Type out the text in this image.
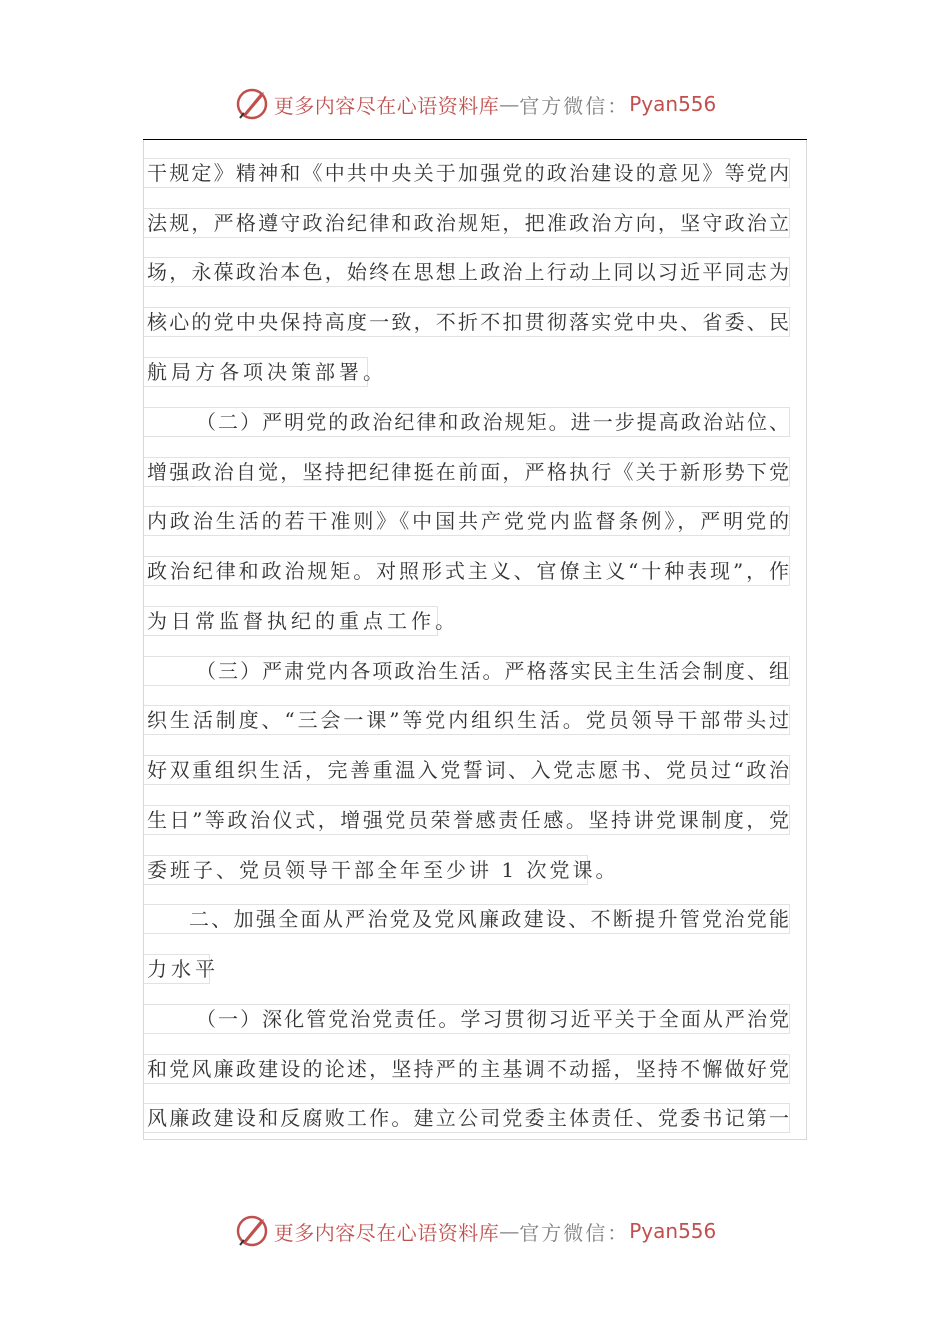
更多内容尽在心语资料库 — 官方微信： Pyan556
干规定》精神和《中共中央关于加强党的政治建设的意见》等党内
法规，严格遵守政治纪律和政治规矩，把准政治方向，坚守政治立
场，永葆政治本色，始终在思想上政治上行动上同以习近平同志为
核心的党中央保持高度一致，不折不扣贯彻落实党中央、省委、民
航局方各项决策部署。
（二）严明党的政治纪律和政治规矩。进一步提高政治站位、
增强政治自觉，坚持把纪律挺在前面，严格执行《关于新形势下党
内政治生活的若干准则》《中国共产党党内监督条例》，严明党的
政治纪律和政治规矩。对照形式主义、官僚主义“十种表现”，作
为日常监督执纪的重点工作。
（三）严肃党内各项政治生活。严格落实民主生活会制度、组
织生活制度、“三会一课”等党内组织生活。党员领导干部带头过
好双重组织生活，完善重温入党誓词、入党志愿书、党员过“政治
生日”等政治仪式，增强党员荣誉感责任感。坚持讲党课制度，党
委班子、党员领导干部全年至少讲 1 次党课。
二、加强全面从严治党及党风廉政建设、不断提升管党治党能
力水平
（一）深化管党治党责任。学习贯彻习近平关于全面从严治党
和党风廉政建设的论述，坚持严的主基调不动摇，坚持不懈做好党
风廉政建设和反腐败工作。建立公司党委主体责任、党委书记第一
更多内容尽在心语资料库 — 官方微信： Pyan556
